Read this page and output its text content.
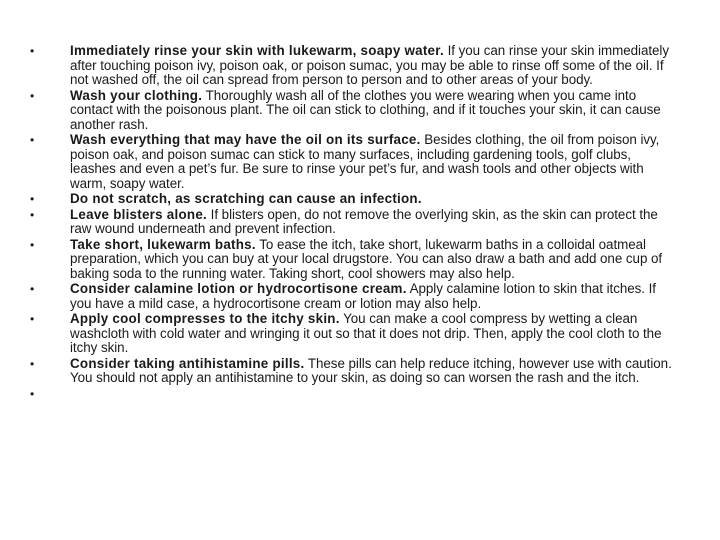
•
Immediately rinse your skin with lukewarm, soapy water. If you can rinse your skin immediately after touching poison ivy, poison oak, or poison sumac, you may be able to rinse off some of the oil. If not washed off, the oil can spread from person to person and to other areas of your body.
•
Wash your clothing. Thoroughly wash all of the clothes you were wearing when you came into contact with the poisonous plant. The oil can stick to clothing, and if it touches your skin, it can cause another rash.
•
Wash everything that may have the oil on its surface. Besides clothing, the oil from poison ivy, poison oak, and poison sumac can stick to many surfaces, including gardening tools, golf clubs, leashes and even a pet’s fur. Be sure to rinse your pet’s fur, and wash tools and other objects with warm, soapy water.
•
Do not scratch, as scratching can cause an infection.
•
Leave blisters alone. If blisters open, do not remove the overlying skin, as the skin can protect the raw wound underneath and prevent infection.
•
Take short, lukewarm baths. To ease the itch, take short, lukewarm baths in a colloidal oatmeal preparation, which you can buy at your local drugstore. You can also draw a bath and add one cup of baking soda to the running water. Taking short, cool showers may also help.
•
Consider calamine lotion or hydrocortisone cream. Apply calamine lotion to skin that itches. If you have a mild case, a hydrocortisone cream or lotion may also help.
•
Apply cool compresses to the itchy skin. You can make a cool compress by wetting a clean washcloth with cold water and wringing it out so that it does not drip. Then, apply the cool cloth to the itchy skin.
•
Consider taking antihistamine pills. These pills can help reduce itching, however use with caution. You should not apply an antihistamine to your skin, as doing so can worsen the rash and the itch.
•
